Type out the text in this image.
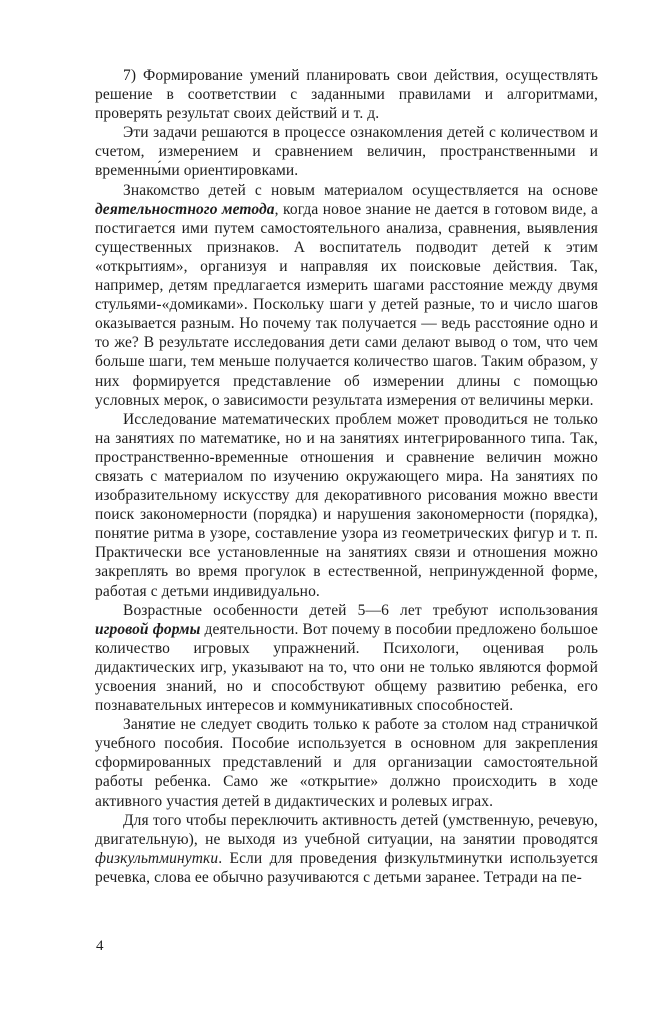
7) Формирование умений планировать свои действия, осуществлять решение в соответствии с заданными правилами и алгоритмами, проверять результат своих действий и т. д.

Эти задачи решаются в процессе ознакомления детей с количеством и счетом, измерением и сравнением величин, пространственными и временны́ми ориентировками.

Знакомство детей с новым материалом осуществляется на основе деятельностного метода, когда новое знание не дается в готовом виде, а постигается ими путем самостоятельного анализа, сравнения, выявления существенных признаков. А воспитатель подводит детей к этим «открытиям», организуя и направляя их поисковые действия. Так, например, детям предлагается измерить шагами расстояние между двумя стульями-«домиками». Поскольку шаги у детей разные, то и число шагов оказывается разным. Но почему так получается — ведь расстояние одно и то же? В результате исследования дети сами делают вывод о том, что чем больше шаги, тем меньше получается количество шагов. Таким образом, у них формируется представление об измерении длины с помощью условных мерок, о зависимости результата измерения от величины мерки.

Исследование математических проблем может проводиться не только на занятиях по математике, но и на занятиях интегрированного типа. Так, пространственно-временные отношения и сравнение величин можно связать с материалом по изучению окружающего мира. На занятиях по изобразительному искусству для декоративного рисования можно ввести поиск закономерности (порядка) и нарушения закономерности (порядка), понятие ритма в узоре, составление узора из геометрических фигур и т. п. Практически все установленные на занятиях связи и отношения можно закреплять во время прогулок в естественной, непринужденной форме, работая с детьми индивидуально.

Возрастные особенности детей 5—6 лет требуют использования игровой формы деятельности. Вот почему в пособии предложено большое количество игровых упражнений. Психологи, оценивая роль дидактических игр, указывают на то, что они не только являются формой усвоения знаний, но и способствуют общему развитию ребенка, его познавательных интересов и коммуникативных способностей.

Занятие не следует сводить только к работе за столом над страничкой учебного пособия. Пособие используется в основном для закрепления сформированных представлений и для организации самостоятельной работы ребенка. Само же «открытие» должно происходить в ходе активного участия детей в дидактических и ролевых играх.

Для того чтобы переключить активность детей (умственную, речевую, двигательную), не выходя из учебной ситуации, на занятии проводятся физкультминутки. Если для проведения физкультминутки используется речевка, слова ее обычно разучиваются с детьми заранее. Тетради на пе-

4
